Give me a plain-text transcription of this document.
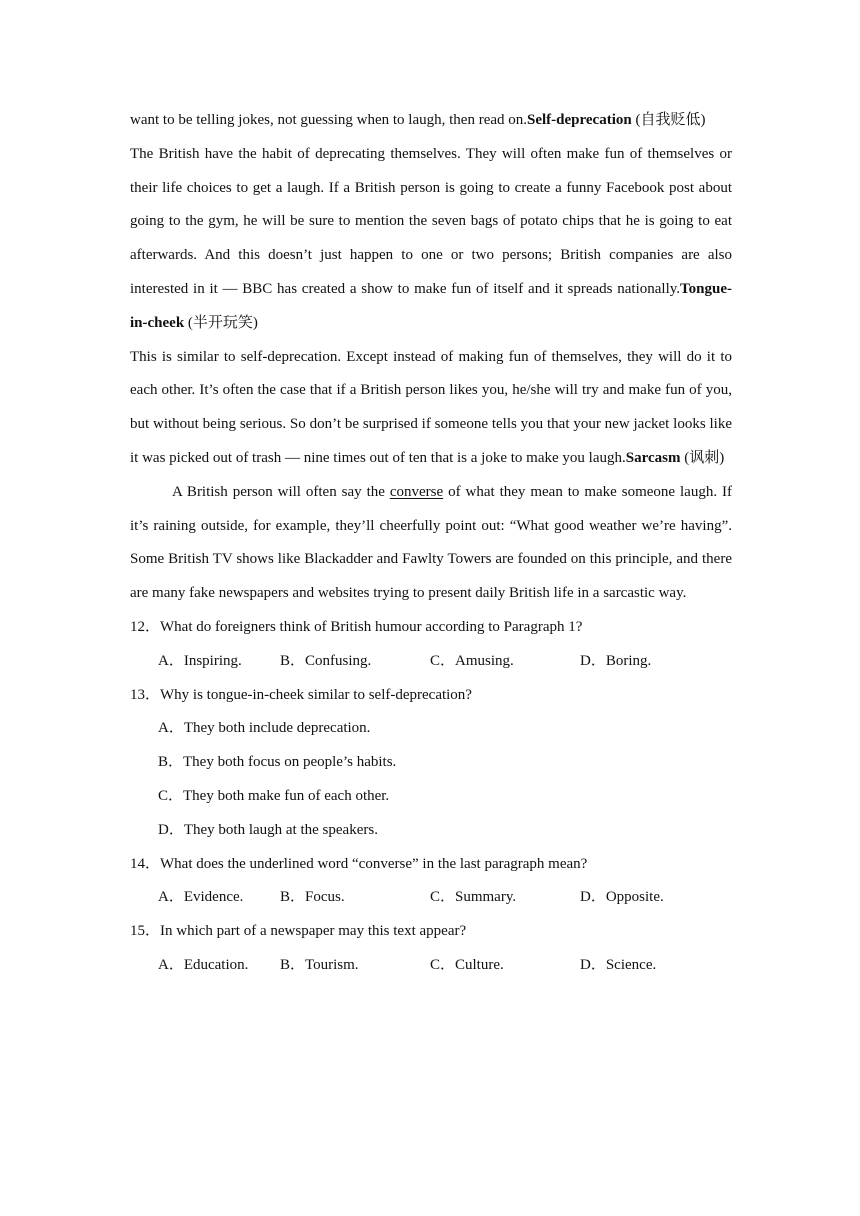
want to be telling jokes, not guessing when to laugh, then read on.Self-deprecation (自我贬低)

The British have the habit of deprecating themselves. They will often make fun of themselves or their life choices to get a laugh. If a British person is going to create a funny Facebook post about going to the gym, he will be sure to mention the seven bags of potato chips that he is going to eat afterwards. And this doesn’t just happen to one or two persons; British companies are also interested in it — BBC has created a show to make fun of itself and it spreads nationally.Tongue-in-cheek (半开玩笑)

This is similar to self-deprecation. Except instead of making fun of themselves, they will do it to each other. It’s often the case that if a British person likes you, he/she will try and make fun of you, but without being serious. So don’t be surprised if someone tells you that your new jacket looks like it was picked out of trash — nine times out of ten that is a joke to make you laugh.Sarcasm (讽刺)

A British person will often say the converse of what they mean to make someone laugh. If it’s raining outside, for example, they’ll cheerfully point out: “What good weather we’re having”. Some British TV shows like Blackadder and Fawlty Towers are founded on this principle, and there are many fake newspapers and websites trying to present daily British life in a sarcastic way.

12．What do foreigners think of British humour according to Paragraph 1?

A．Inspiring.	B．Confusing.	C．Amusing.	D．Boring.

13．Why is tongue-in-cheek similar to self-deprecation?

A．They both include deprecation.
B．They both focus on people’s habits.
C．They both make fun of each other.
D．They both laugh at the speakers.

14．What does the underlined word “converse” in the last paragraph mean?

A．Evidence. B．Focus.	C．Summary.	D．Opposite.

15．In which part of a newspaper may this text appear?

A．Education. B．Tourism.	C．Culture.	D．Science.
